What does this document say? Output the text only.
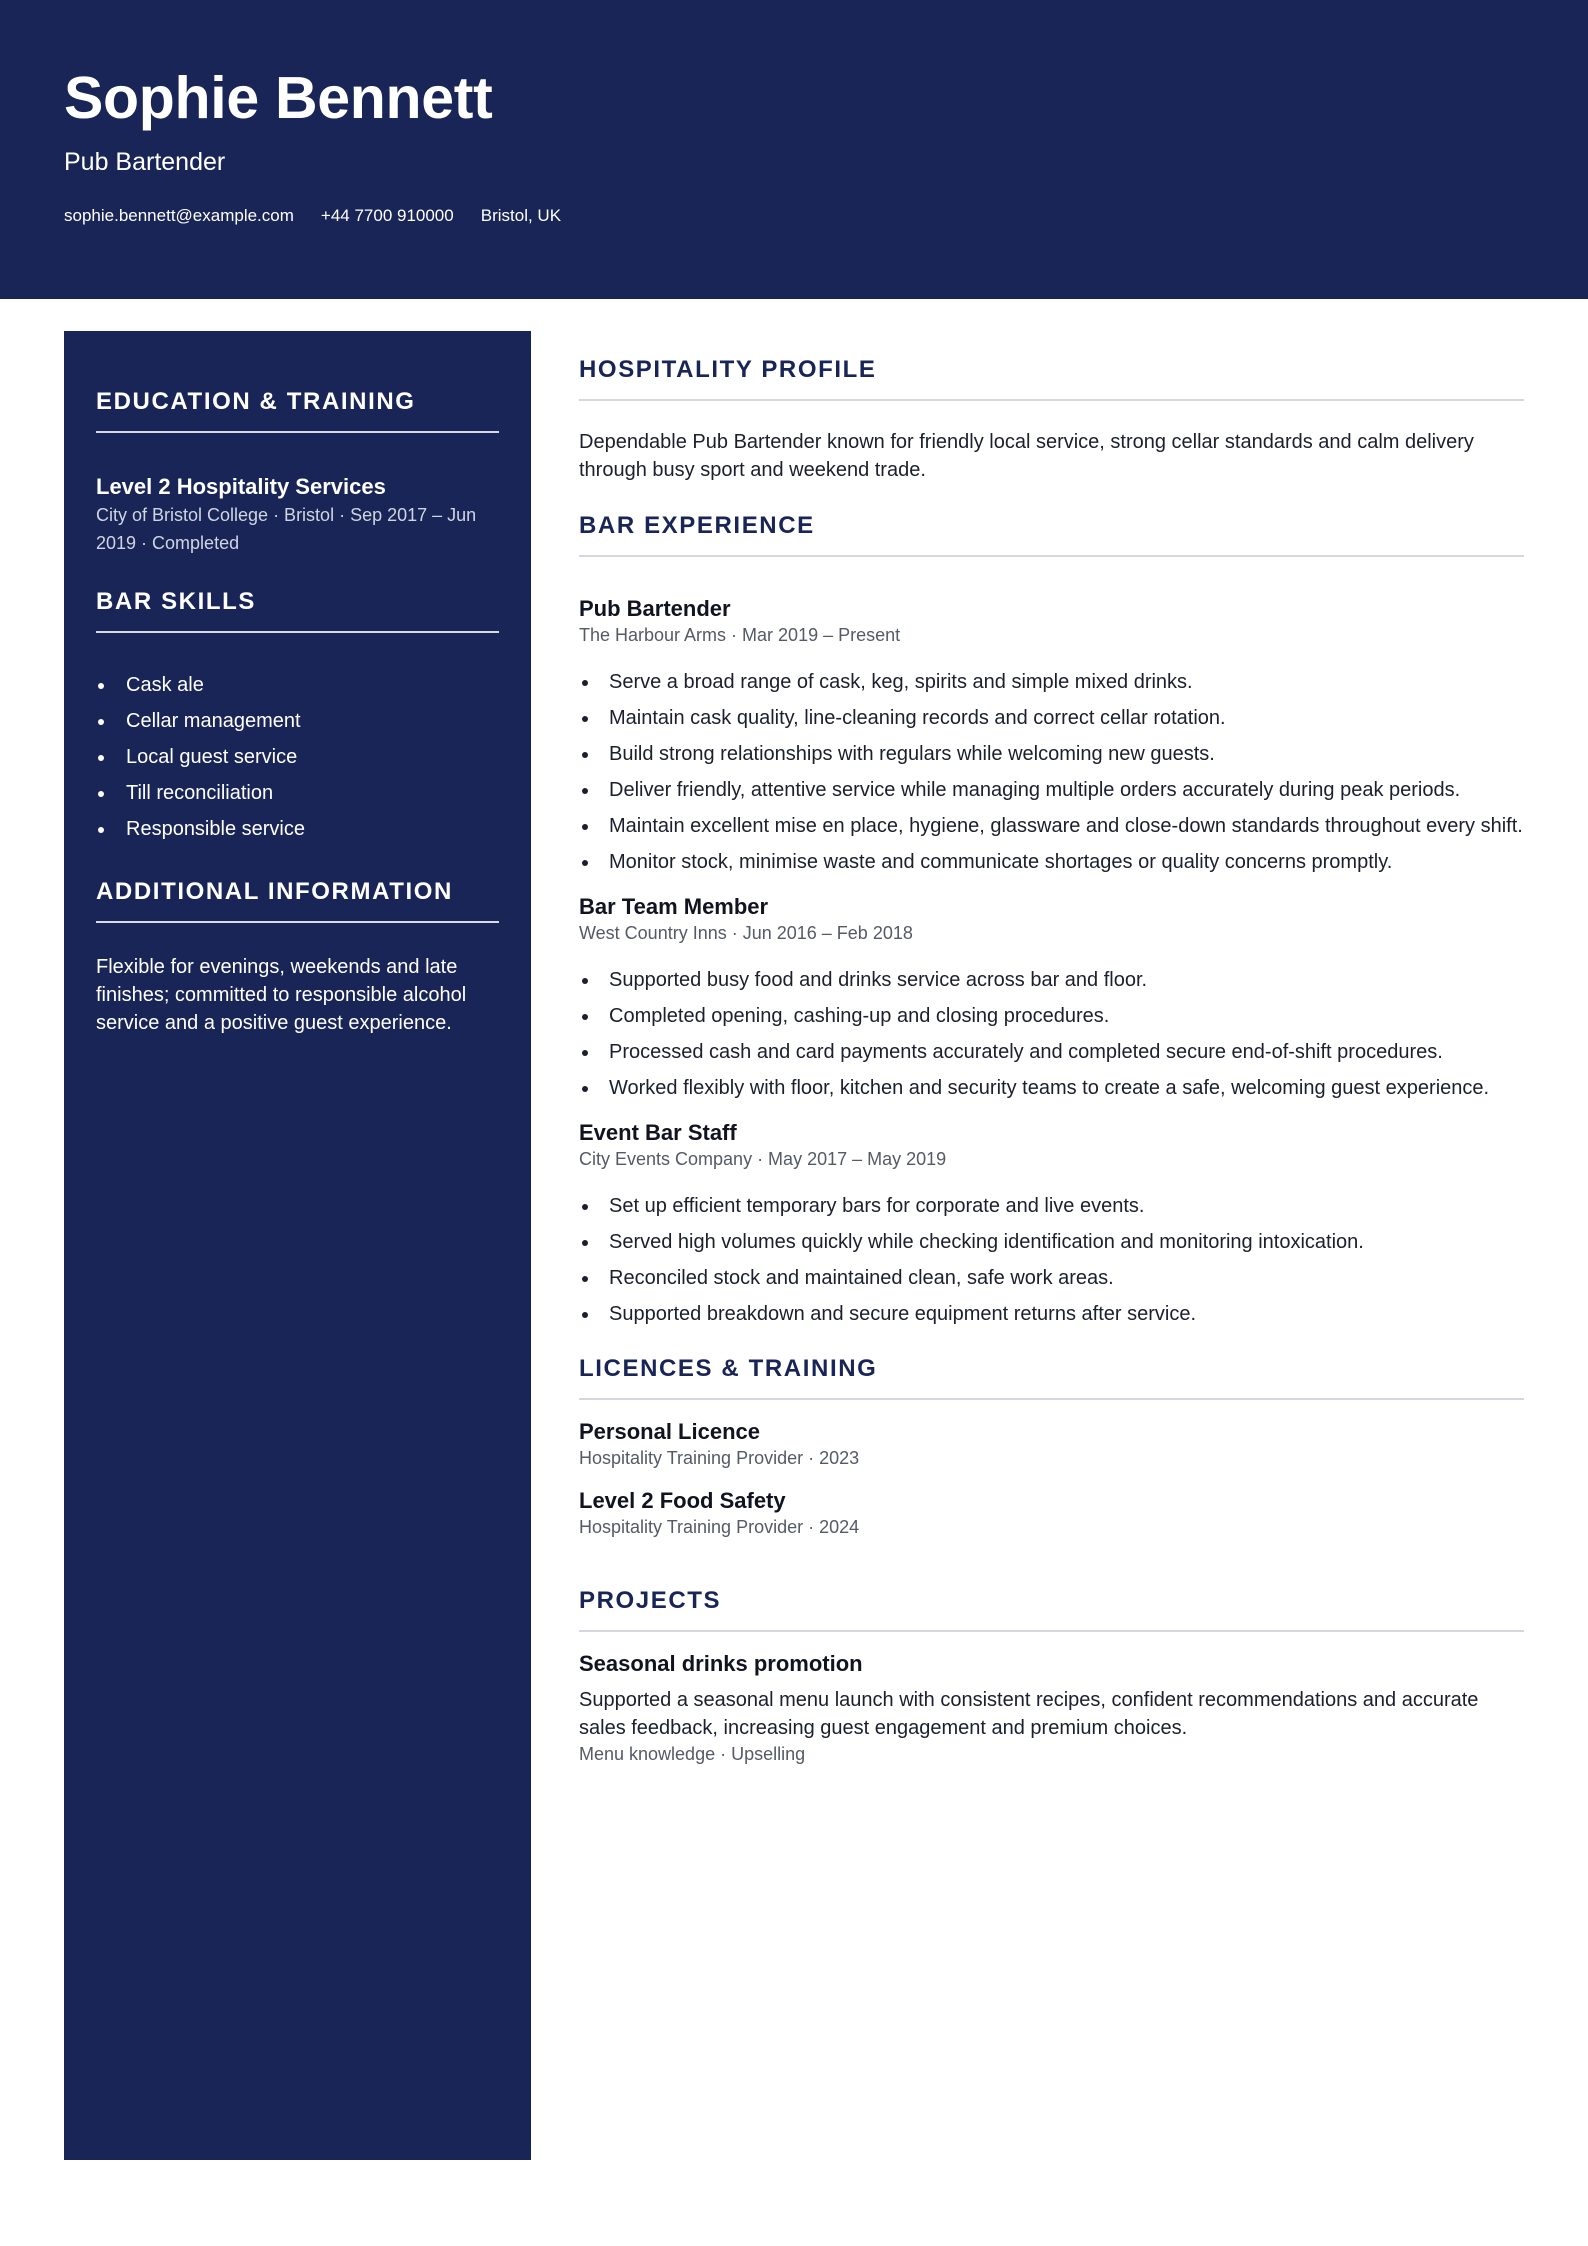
Sophie Bennett
Pub Bartender
sophie.bennett@example.com +44 7700 910000 Bristol, UK
EDUCATION & TRAINING
Level 2 Hospitality Services
City of Bristol College · Bristol · Sep 2017 – Jun 2019 · Completed
BAR SKILLS
Cask ale
Cellar management
Local guest service
Till reconciliation
Responsible service
ADDITIONAL INFORMATION
Flexible for evenings, weekends and late finishes; committed to responsible alcohol service and a positive guest experience.
HOSPITALITY PROFILE
Dependable Pub Bartender known for friendly local service, strong cellar standards and calm delivery through busy sport and weekend trade.
BAR EXPERIENCE
Pub Bartender
The Harbour Arms · Mar 2019 – Present
Serve a broad range of cask, keg, spirits and simple mixed drinks.
Maintain cask quality, line-cleaning records and correct cellar rotation.
Build strong relationships with regulars while welcoming new guests.
Deliver friendly, attentive service while managing multiple orders accurately during peak periods.
Maintain excellent mise en place, hygiene, glassware and close-down standards throughout every shift.
Monitor stock, minimise waste and communicate shortages or quality concerns promptly.
Bar Team Member
West Country Inns · Jun 2016 – Feb 2018
Supported busy food and drinks service across bar and floor.
Completed opening, cashing-up and closing procedures.
Processed cash and card payments accurately and completed secure end-of-shift procedures.
Worked flexibly with floor, kitchen and security teams to create a safe, welcoming guest experience.
Event Bar Staff
City Events Company · May 2017 – May 2019
Set up efficient temporary bars for corporate and live events.
Served high volumes quickly while checking identification and monitoring intoxication.
Reconciled stock and maintained clean, safe work areas.
Supported breakdown and secure equipment returns after service.
LICENCES & TRAINING
Personal Licence
Hospitality Training Provider · 2023
Level 2 Food Safety
Hospitality Training Provider · 2024
PROJECTS
Seasonal drinks promotion
Supported a seasonal menu launch with consistent recipes, confident recommendations and accurate sales feedback, increasing guest engagement and premium choices.
Menu knowledge · Upselling
